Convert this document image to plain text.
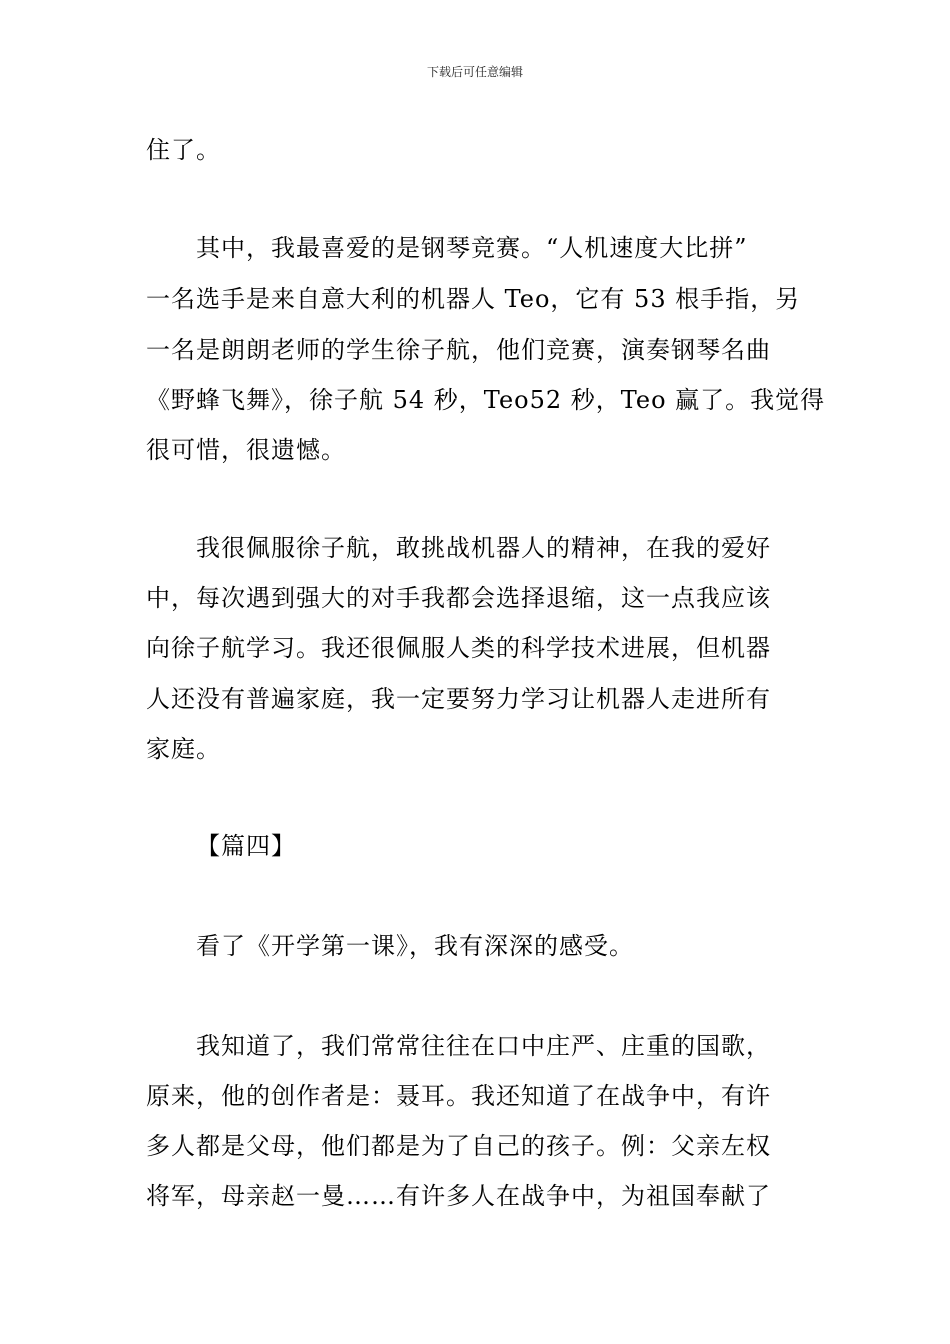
下载后可任意编辑
住了。
其中，我最喜爱的是钢琴竞赛。“人机速度大比拼”
一名选手是来自意大利的机器人 Teo，它有 53 根手指，另
一名是朗朗老师的学生徐子航，他们竞赛，演奏钢琴名曲
《野蜂飞舞》，徐子航 54 秒，Teo52 秒，Teo 赢了。我觉得
很可惜，很遗憾。
我很佩服徐子航，敢挑战机器人的精神，在我的爱好
中，每次遇到强大的对手我都会选择退缩，这一点我应该
向徐子航学习。我还很佩服人类的科学技术进展，但机器
人还没有普遍家庭，我一定要努力学习让机器人走进所有
家庭。
【篇四】
看了《开学第一课》，我有深深的感受。
我知道了，我们常常往往在口中庄严、庄重的国歌，
原来，他的创作者是：聂耳。我还知道了在战争中，有许
多人都是父母，他们都是为了自己的孩子。例：父亲左权
将军，母亲赵一曼……有许多人在战争中，为祖国奉献了
